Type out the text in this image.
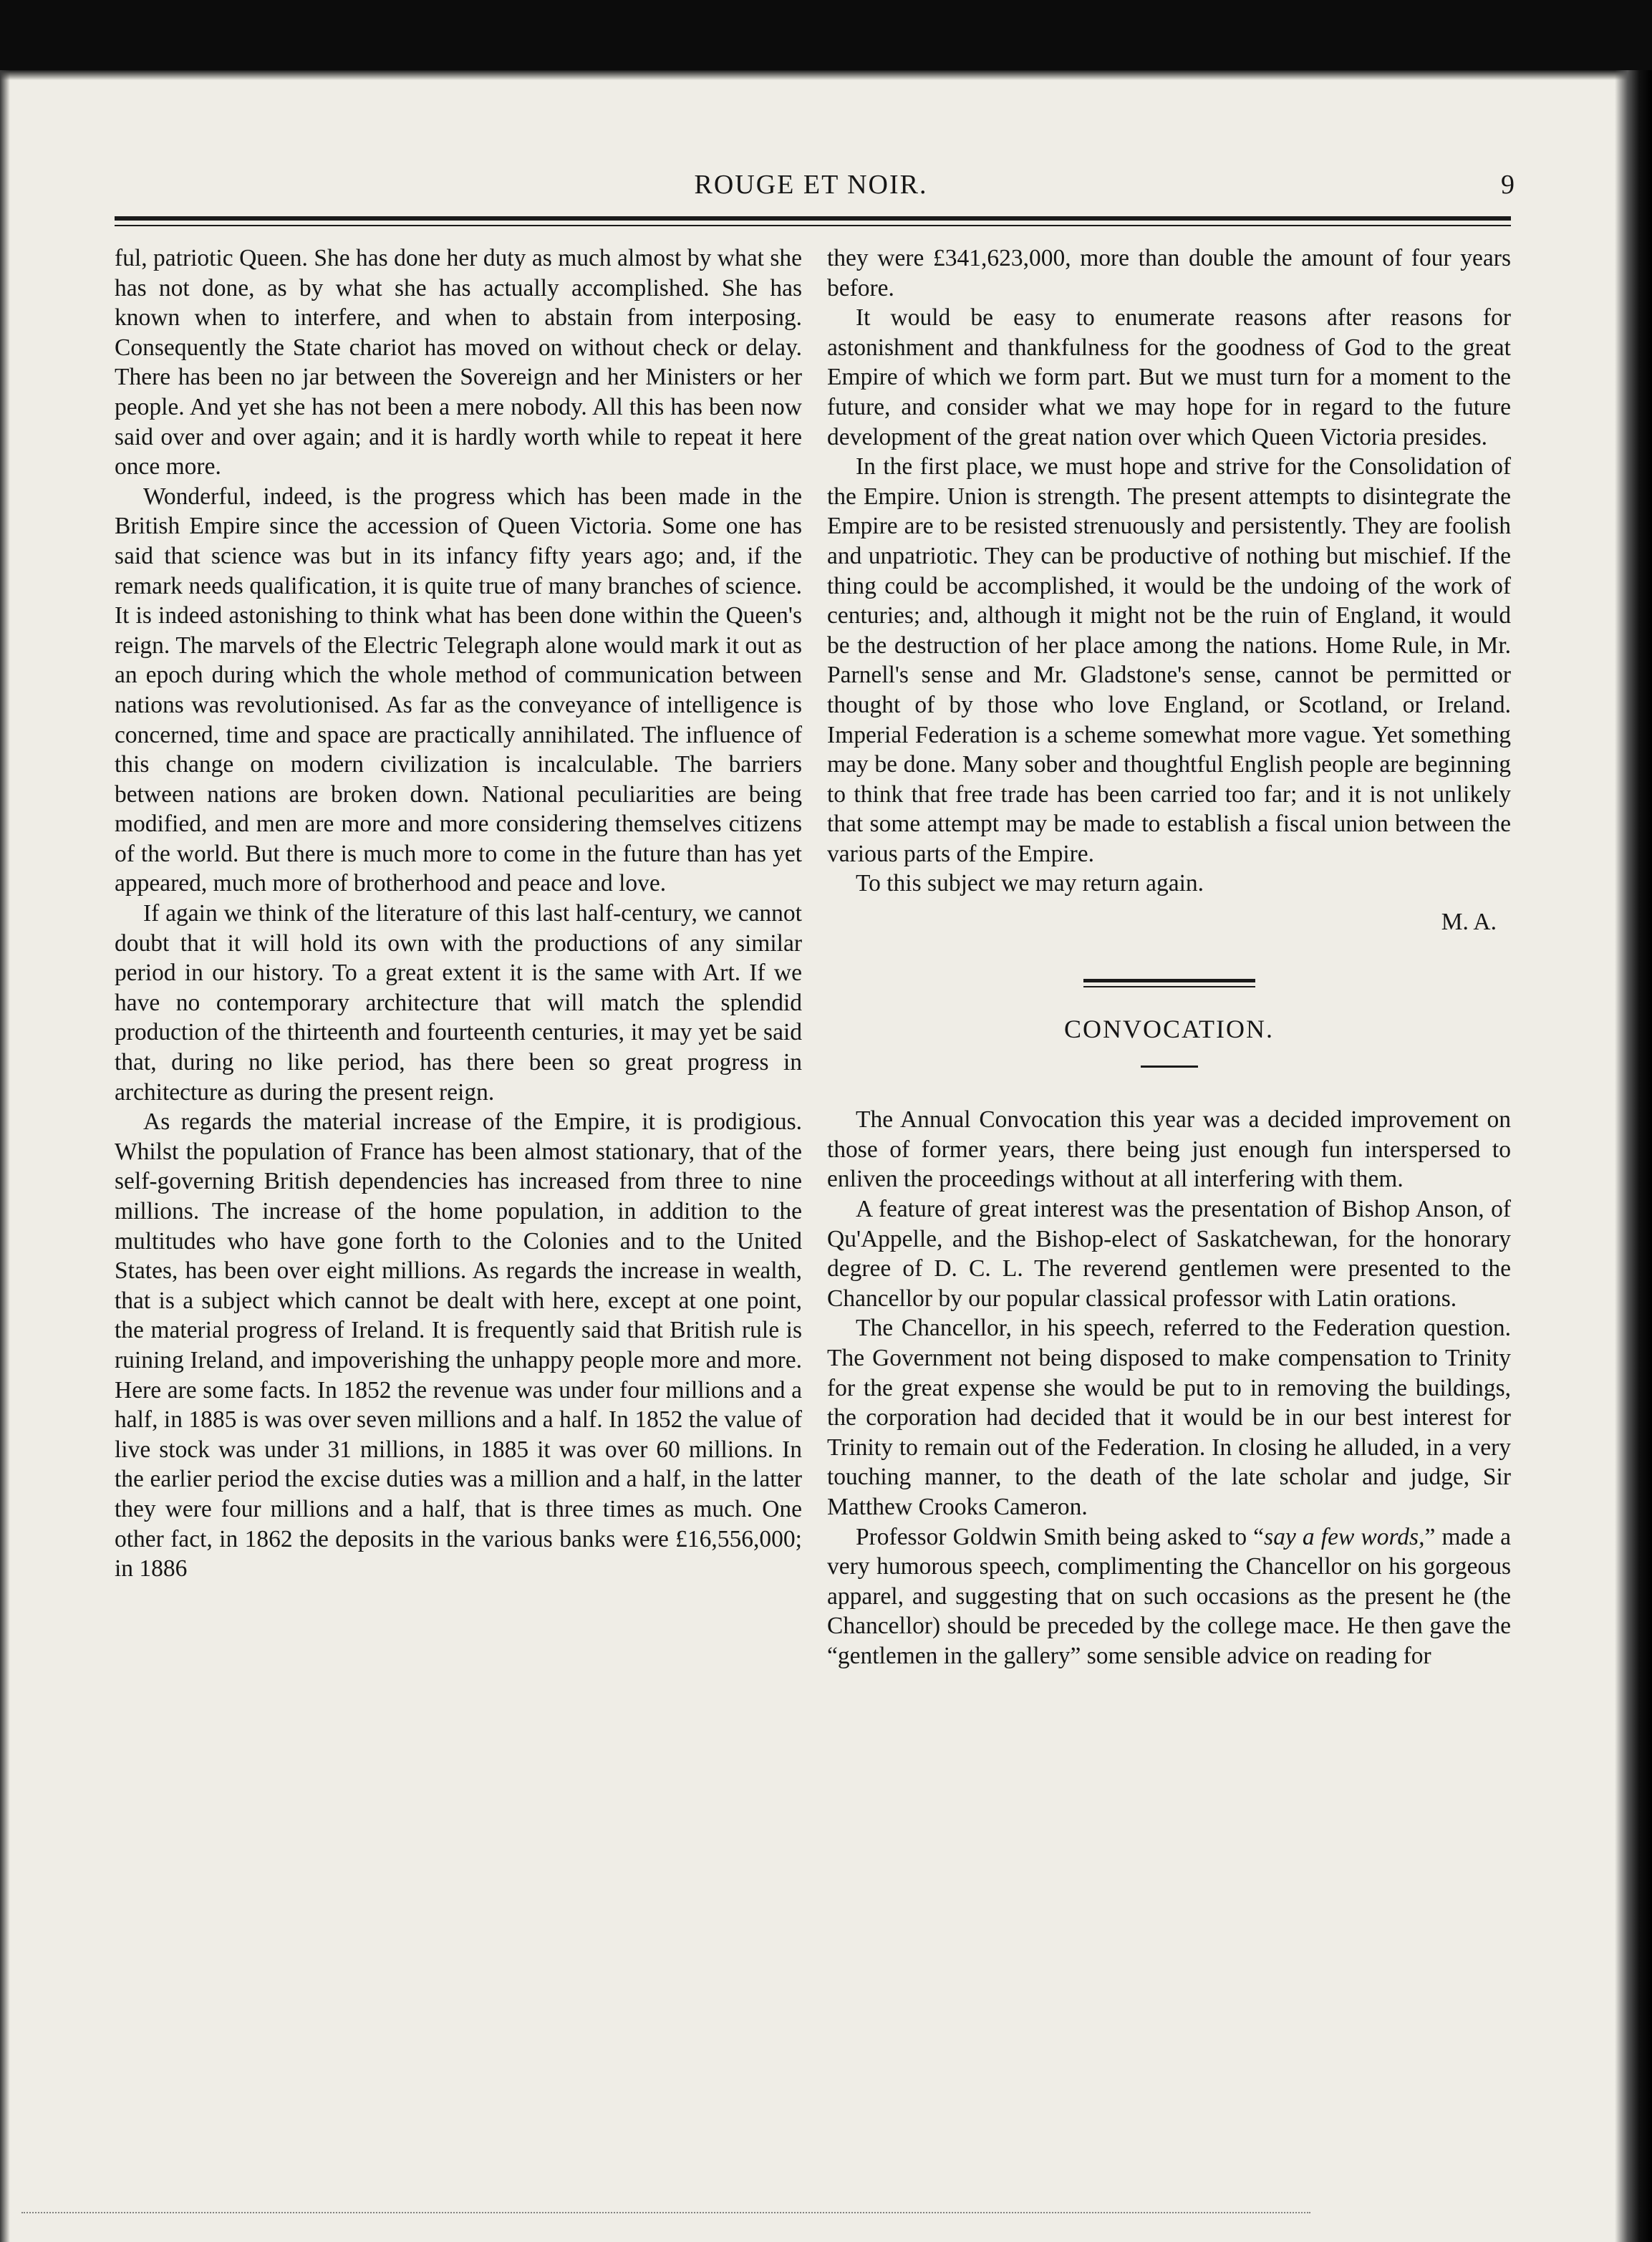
ROUGE ET NOIR.	9

ful, patriotic Queen. She has done her duty as much almost by what she has not done, as by what she has actually accomplished. She has known when to interfere, and when to abstain from interposing. Consequently the State chariot has moved on without check or delay. There has been no jar between the Sovereign and her Ministers or her people. And yet she has not been a mere nobody. All this has been now said over and over again; and it is hardly worth while to repeat it here once more.

Wonderful, indeed, is the progress which has been made in the British Empire since the accession of Queen Victoria. Some one has said that science was but in its infancy fifty years ago; and, if the remark needs qualification, it is quite true of many branches of science. It is indeed astonishing to think what has been done within the Queen's reign. The marvels of the Electric Telegraph alone would mark it out as an epoch during which the whole method of communication between nations was revolutionised. As far as the conveyance of intelligence is concerned, time and space are practically annihilated. The influence of this change on modern civilization is incalculable. The barriers between nations are broken down. National peculiarities are being modified, and men are more and more considering themselves citizens of the world. But there is much more to come in the future than has yet appeared, much more of brotherhood and peace and love.

If again we think of the literature of this last half-century, we cannot doubt that it will hold its own with the productions of any similar period in our history. To a great extent it is the same with Art. If we have no contemporary architecture that will match the splendid production of the thirteenth and fourteenth centuries, it may yet be said that, during no like period, has there been so great progress in architecture as during the present reign.

As regards the material increase of the Empire, it is prodigious. Whilst the population of France has been almost stationary, that of the self-governing British dependencies has increased from three to nine millions. The increase of the home population, in addition to the multitudes who have gone forth to the Colonies and to the United States, has been over eight millions. As regards the increase in wealth, that is a subject which cannot be dealt with here, except at one point, the material progress of Ireland. It is frequently said that British rule is ruining Ireland, and impoverishing the unhappy people more and more. Here are some facts. In 1852 the revenue was under four millions and a half, in 1885 is was over seven millions and a half. In 1852 the value of live stock was under 31 millions, in 1885 it was over 60 millions. In the earlier period the excise duties was a million and a half, in the latter they were four millions and a half, that is three times as much. One other fact, in 1862 the deposits in the various banks were £16,556,000; in 1886

they were £341,623,000, more than double the amount of four years before.

It would be easy to enumerate reasons after reasons for astonishment and thankfulness for the goodness of God to the great Empire of which we form part. But we must turn for a moment to the future, and consider what we may hope for in regard to the future development of the great nation over which Queen Victoria presides.

In the first place, we must hope and strive for the Consolidation of the Empire. Union is strength. The present attempts to disintegrate the Empire are to be resisted strenuously and persistently. They are foolish and unpatriotic. They can be productive of nothing but mischief. If the thing could be accomplished, it would be the undoing of the work of centuries; and, although it might not be the ruin of England, it would be the destruction of her place among the nations. Home Rule, in Mr. Parnell's sense and Mr. Gladstone's sense, cannot be permitted or thought of by those who love England, or Scotland, or Ireland. Imperial Federation is a scheme somewhat more vague. Yet something may be done. Many sober and thoughtful English people are beginning to think that free trade has been carried too far; and it is not unlikely that some attempt may be made to establish a fiscal union between the various parts of the Empire.

To this subject we may return again.

M. A.
CONVOCATION.

The Annual Convocation this year was a decided improvement on those of former years, there being just enough fun interspersed to enliven the proceedings without at all interfering with them.

A feature of great interest was the presentation of Bishop Anson, of Qu'Appelle, and the Bishop-elect of Saskatchewan, for the honorary degree of D. C. L. The reverend gentlemen were presented to the Chancellor by our popular classical professor with Latin orations.

The Chancellor, in his speech, referred to the Federation question. The Government not being disposed to make compensation to Trinity for the great expense she would be put to in removing the buildings, the corporation had decided that it would be in our best interest for Trinity to remain out of the Federation. In closing he alluded, in a very touching manner, to the death of the late scholar and judge, Sir Matthew Crooks Cameron.

Professor Goldwin Smith being asked to “say a few words,” made a very humorous speech, complimenting the Chancellor on his gorgeous apparel, and suggesting that on such occasions as the present he (the Chancellor) should be preceded by the college mace. He then gave the “gentlemen in the gallery” some sensible advice on reading for
